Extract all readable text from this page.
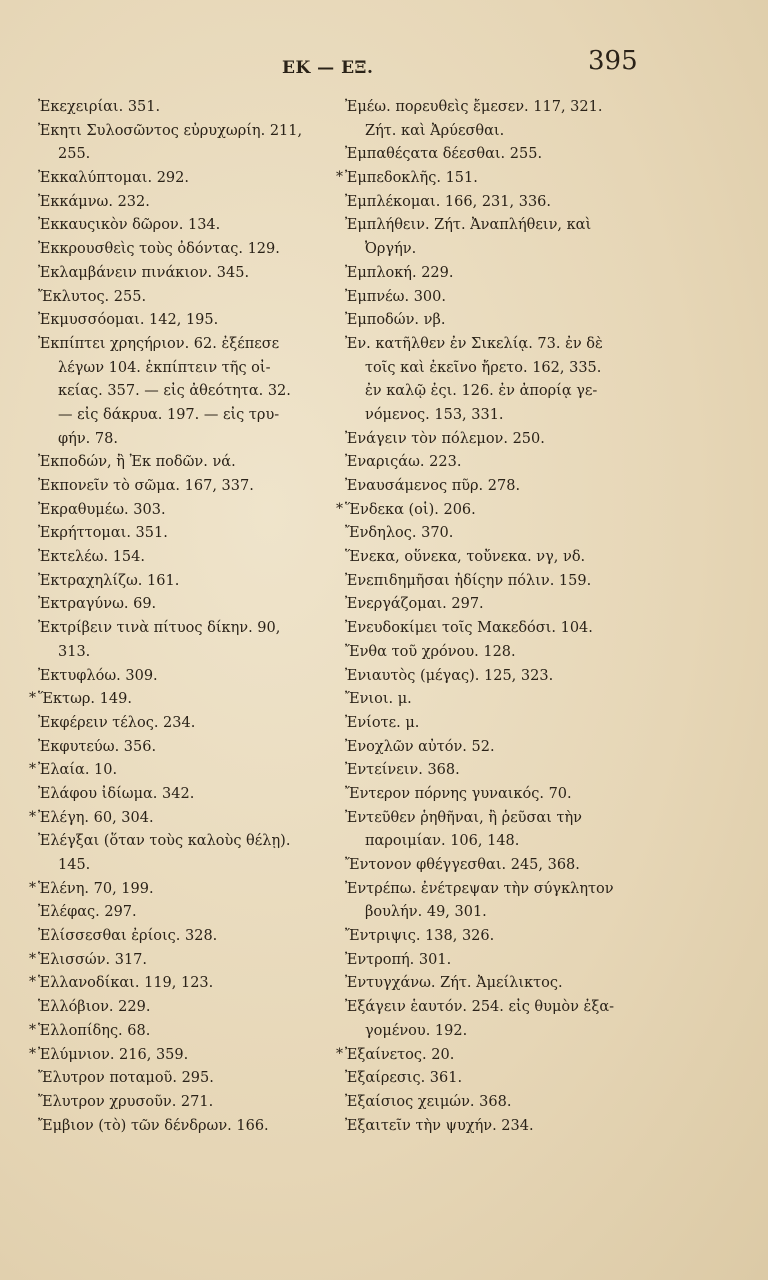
ΕΚ — ΕΞ.	395
Ἐκεχειρίαι. 351.
Ἐκητι Συλοσῶντος εὐρυχωρίη. 211,
255.
Ἐκκαλύπτομαι. 292.
Ἐκκάμνω. 232.
Ἐκκαυςικὸν δῶρον. 134.
Ἐκκρουσθεὶς τοὺς ὀδόντας. 129.
Ἐκλαμβάνειν πινάκιον. 345.
Ἔκλυτος. 255.
Ἐκμυσσόομαι. 142, 195.
Ἐκπίπτει χρηςήριον. 62. ἐξέπεσε
λέγων 104. ἐκπίπτειν τῆς οἰ-
κείας. 357. — εἰς ἀθεότητα. 32.
— εἰς δάκρυα. 197. — εἰς τρυ-
φήν. 78.
Ἐκποδών, ἢ Ἐκ ποδῶν. νά.
Ἐκπονεῖν τὸ σῶμα. 167, 337.
Ἐκραθυμέω. 303.
Ἐκρήττομαι. 351.
Ἐκτελέω. 154.
Ἐκτραχηλίζω. 161.
Ἐκτραγύνω. 69.
Ἐκτρίβειν τινὰ πίτυος δίκην. 90,
313.
Ἐκτυφλόω. 309.
* Ἕκτωρ. 149.
Ἐκφέρειν τέλος. 234.
Ἐκφυτεύω. 356.
* Ἐλαία. 10.
Ἐλάφου ἰδίωμα. 342.
* Ἐλέγη. 60, 304.
Ἐλέγξαι (ὅταν τοὺς καλοὺς θέλῃ).
145.
* Ἑλένη. 70, 199.
Ἐλέφας. 297.
Ἐλίσσεσθαι ἐρίοις. 328.
* Ἑλισσών. 317.
* Ἑλλανοδίκαι. 119, 123.
Ἑλλόβιον. 229.
* Ἑλλοπίδης. 68.
* Ἐλύμνιον. 216, 359.
Ἔλυτρον ποταμοῦ. 295.
Ἔλυτρον χρυσοῦν. 271.
Ἔμβιον (τὸ) τῶν δένδρων. 166.
Ἐμέω. πορευθεὶς ἔμεσεν. 117, 321.
Ζήτ. καὶ Ἀρύεσθαι.
Ἐμπαθέςατα δέεσθαι. 255.
* Ἐμπεδοκλῆς. 151.
Ἐμπλέκομαι. 166, 231, 336.
Ἐμπλήθειν. Ζήτ. Ἀναπλήθειν, καὶ
Ὀργήν.
Ἐμπλοκή. 229.
Ἐμπνέω. 300.
Ἐμποδών. νβ.
Ἐν. κατῆλθεν ἐν Σικελίᾳ. 73. ἐν δὲ
τοῖς καὶ ἐκεῖνο ἤρετο. 162, 335.
ἐν καλῷ ἐςι. 126. ἐν ἀπορίᾳ γε-
νόμενος. 153, 331.
Ἐνάγειν τὸν πόλεμον. 250.
Ἐναριςάω. 223.
Ἐναυσάμενος πῦρ. 278.
* Ἕνδεκα (οἱ). 206.
Ἔνδηλος. 370.
Ἕνεκα, οὕνεκα, τοὔνεκα. νγ, νδ.
Ἐνεπιδημῆσαι ἡδίςην πόλιν. 159.
Ἐνεργάζομαι. 297.
Ἐνευδοκίμει τοῖς Μακεδόσι. 104.
Ἔνθα τοῦ χρόνου. 128.
Ἐνιαυτὸς (μέγας). 125, 323.
Ἔνιοι. μ.
Ἐνίοτε. μ.
Ἐνοχλῶν αὐτόν. 52.
Ἐντείνειν. 368.
Ἔντερον πόρνης γυναικός. 70.
Ἐντεῦθεν ῥηθῆναι, ἢ ῥεῦσαι τὴν
παροιμίαν. 106, 148.
Ἔντονον φθέγγεσθαι. 245, 368.
Ἐντρέπω. ἐνέτρεψαν τὴν σύγκλητον
βουλήν. 49, 301.
Ἔντριψις. 138, 326.
Ἐντροπή. 301.
Ἐντυγχάνω. Ζήτ. Ἀμείλικτος.
Ἐξάγειν ἑαυτόν. 254. εἰς θυμὸν ἐξα-
γομένου. 192.
* Ἐξαίνετος. 20.
Ἐξαίρεσις. 361.
Ἐξαίσιος χειμών. 368.
Ἐξαιτεῖν τὴν ψυχήν. 234.
